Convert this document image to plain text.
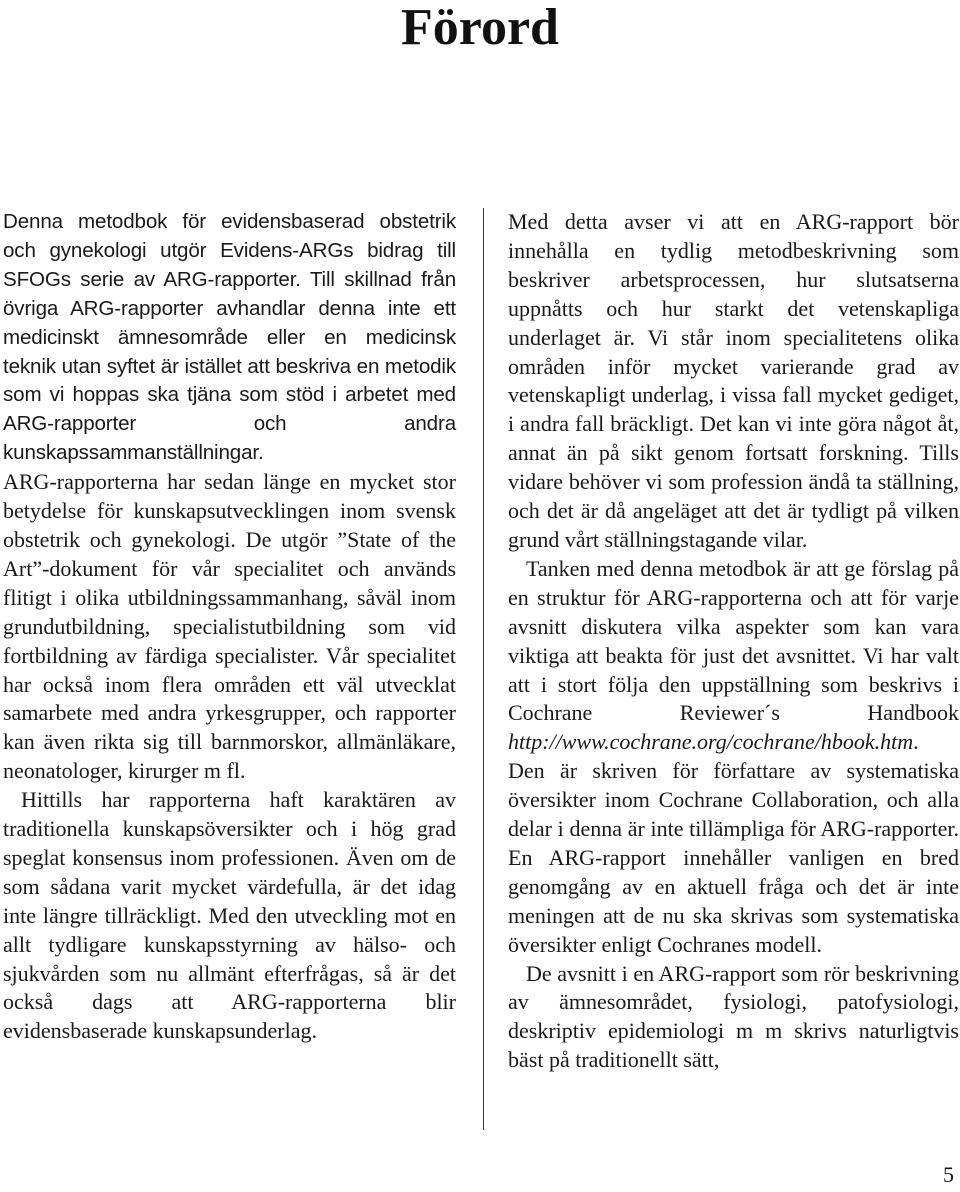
Förord

Denna metodbok för evidensbaserad obstetrik och gynekologi utgör Evidens-ARGs bidrag till SFOGs serie av ARG-rapporter. Till skillnad från övriga ARG-rapporter avhandlar denna inte ett medicinskt ämnesområde eller en medicinsk teknik utan syftet är istället att beskriva en metodik som vi hoppas ska tjäna som stöd i arbetet med ARG-rapporter och andra kunskapssammanställningar.

ARG-rapporterna har sedan länge en mycket stor betydelse för kunskapsutvecklingen inom svensk obstetrik och gynekologi. De utgör ”State of the Art”-dokument för vår specialitet och används flitigt i olika utbildningssammanhang, såväl inom grundutbildning, specialistutbildning som vid fortbildning av färdiga specialister. Vår specialitet har också inom flera områden ett väl utvecklat samarbete med andra yrkesgrupper, och rapporter kan även rikta sig till barnmorskor, allmänläkare, neonatologer, kirurger m fl.

Hittills har rapporterna haft karaktären av traditionella kunskapsöversikter och i hög grad speglat konsensus inom professionen. Även om de som sådana varit mycket värdefulla, är det idag inte längre tillräckligt. Med den utveckling mot en allt tydligare kunskapsstyrning av hälso- och sjukvården som nu allmänt efterfrågas, så är det också dags att ARG-rapporterna blir evidensbaserade kunskapsunderlag.

Med detta avser vi att en ARG-rapport bör innehålla en tydlig metodbeskrivning som beskriver arbetsprocessen, hur slutsatserna uppnåtts och hur starkt det vetenskapliga underlaget är. Vi står inom specialitetens olika områden inför mycket varierande grad av vetenskapligt underlag, i vissa fall mycket gediget, i andra fall bräckligt. Det kan vi inte göra något åt, annat än på sikt genom fortsatt forskning. Tills vidare behöver vi som profession ändå ta ställning, och det är då angeläget att det är tydligt på vilken grund vårt ställningstagande vilar.

Tanken med denna metodbok är att ge förslag på en struktur för ARG-rapporterna och att för varje avsnitt diskutera vilka aspekter som kan vara viktiga att beakta för just det avsnittet. Vi har valt att i stort följa den uppställning som beskrivs i Cochrane Reviewer´s Handbook http://www.cochrane.org/cochrane/hbook.htm. Den är skriven för författare av systematiska översikter inom Cochrane Collaboration, och alla delar i denna är inte tillämpliga för ARG-rapporter. En ARG-rapport innehåller vanligen en bred genomgång av en aktuell fråga och det är inte meningen att de nu ska skrivas som systematiska översikter enligt Cochranes modell.

De avsnitt i en ARG-rapport som rör beskrivning av ämnesområdet, fysiologi, patofysiologi, deskriptiv epidemiologi m m skrivs naturligtvis bäst på traditionellt sätt,

5
